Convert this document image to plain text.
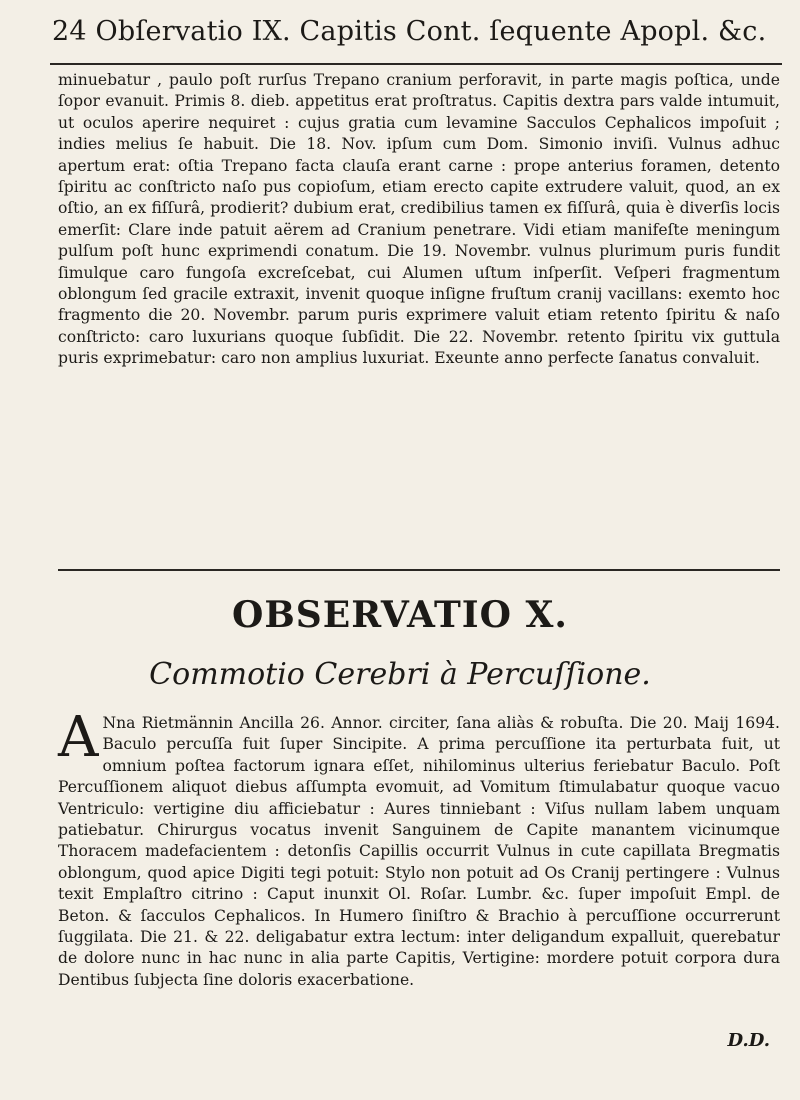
24 Obſervatio IX. Capitis Cont. ſequente Apopl. &c.
minuebatur , paulo poſt rurſus Trepano cranium perforavit, in parte magis poſtica, unde ſopor evanuit. Primis 8. dieb. appetitus erat proſtratus. Capitis dextra pars valde intumuit, ut oculos aperire nequiret : cujus gratia cum levamine Sacculos Cephalicos impoſuit ; indies melius ſe habuit. Die 18. Nov. ipſum cum Dom. Simonio inviſi. Vulnus adhuc apertum erat: oſtia Trepano facta clauſa erant carne : prope anterius foramen, detento ſpiritu ac conſtricto naſo pus copioſum, etiam erecto capite extrudere valuit, quod, an ex oſtio, an ex fiſſurâ, prodierit? dubium erat, credibilius tamen ex fiſſurâ, quia è diverſis locis emerſit: Clare inde patuit aërem ad Cranium penetrare. Vidi etiam manifeſte meningum pulſum poſt hunc exprimendi conatum. Die 19. Novembr. vulnus plurimum puris fundit ſimulque caro fungoſa excreſcebat, cui Alumen uſtum inſperſit. Veſperi fragmentum oblongum ſed gracile extraxit, invenit quoque inſigne fruſtum cranij vacillans: exemto hoc fragmento die 20. Novembr. parum puris exprimere valuit etiam retento ſpiritu & naſo conſtricto: caro luxurians quoque ſubſidit. Die 22. Novembr. retento ſpiritu vix guttula puris exprimebatur: caro non amplius luxuriat. Exeunte anno perfecte ſanatus convaluit.
OBSERVATIO X.
Commotio Cerebri à Percuſſione.
A Nna Rietmännin Ancilla 26. Annor. circiter, ſana aliàs & robuſta. Die 20. Maij 1694. Baculo percuſſa fuit ſuper Sincipite. A prima percuſſione ita perturbata fuit, ut omnium poſtea factorum ignara eſſet, nihilominus ulterius feriebatur Baculo. Poſt Percuſſionem aliquot diebus aſſumpta evomuit, ad Vomitum ſtimulabatur quoque vacuo Ventriculo: vertigine diu afficiebatur : Aures tinniebant : Viſus nullam labem unquam patiebatur. Chirurgus vocatus invenit Sanguinem de Capite manantem vicinumque Thoracem madefacientem : detonſis Capillis occurrit Vulnus in cute capillata Bregmatis oblongum, quod apice Digiti tegi potuit: Stylo non potuit ad Os Cranij pertingere : Vulnus texit Emplaſtro citrino : Caput inunxit Ol. Roſar. Lumbr. &c. ſuper impoſuit Empl. de Beton. & ſacculos Cephalicos. In Humero ſiniſtro & Brachio à percuſſione occurrerunt ſuggilata. Die 21. & 22. deligabatur extra lectum: inter deligandum expalluit, querebatur de dolore nunc in hac nunc in alia parte Capitis, Vertigine: mordere potuit corpora dura Dentibus ſubjecta ſine doloris exacerbatione.
D.D.
